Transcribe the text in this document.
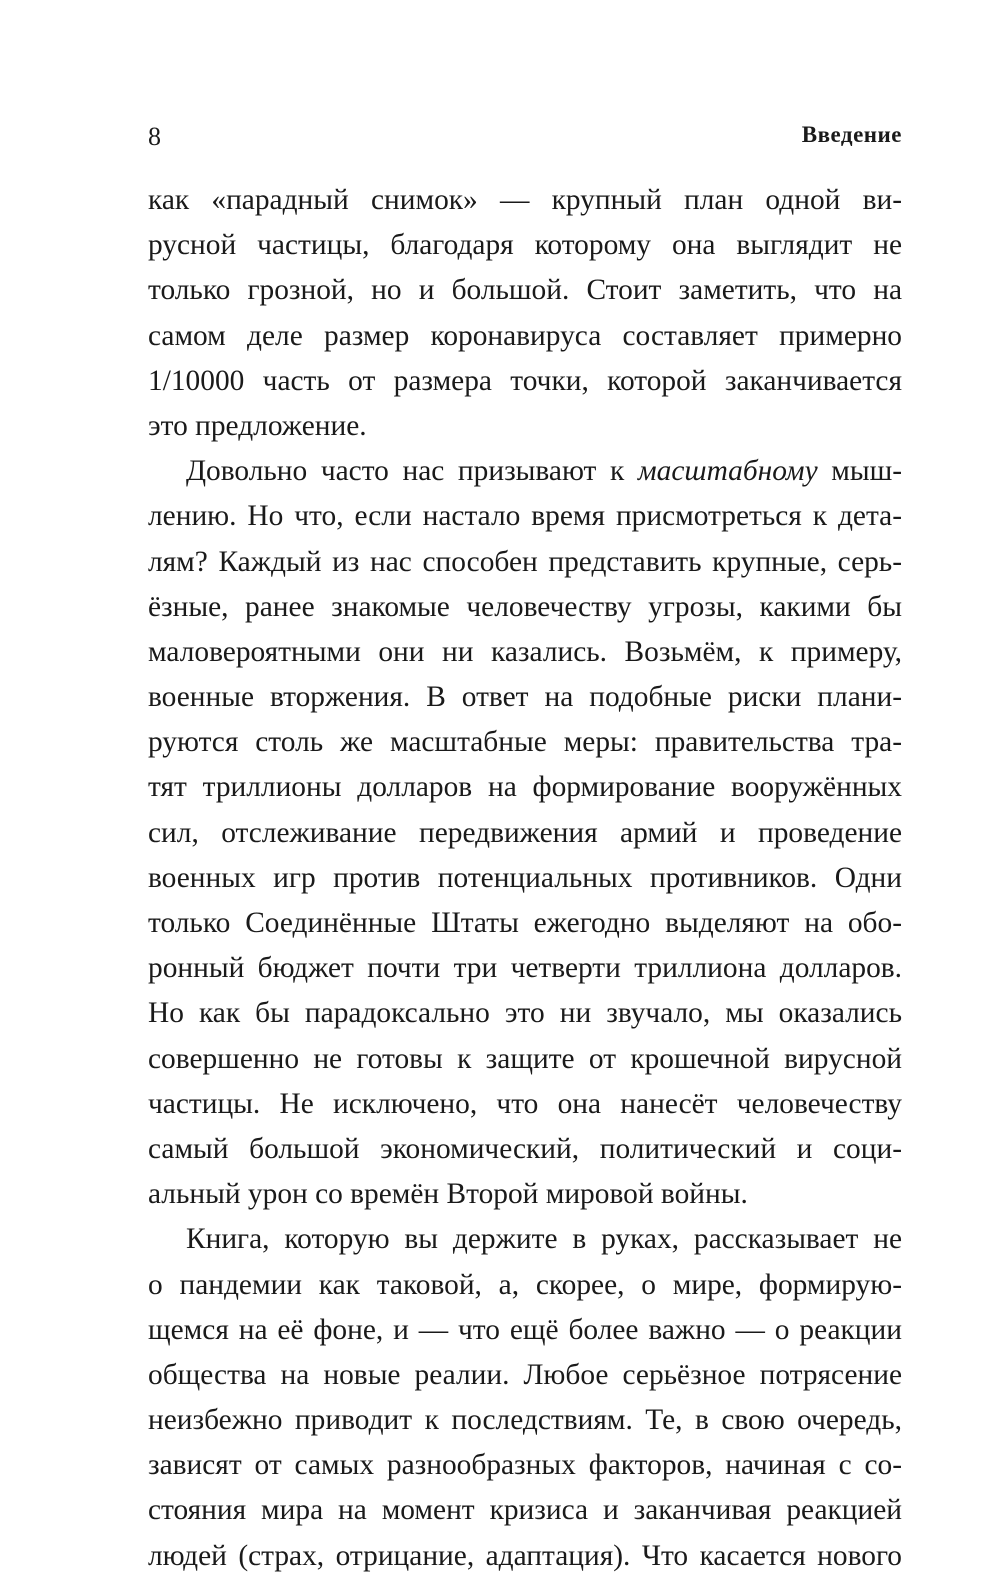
8	Введение
как «парадный снимок» — крупный план одной ви-
русной частицы, благодаря которому она выглядит не
только грозной, но и большой. Стоит заметить, что на
самом деле размер коронавируса составляет примерно
1/10000 часть от размера точки, которой заканчивается
это предложение.
Довольно часто нас призывают к масштабному мыш-
лению. Но что, если настало время присмотреться к дета-
лям? Каждый из нас способен представить крупные, серь-
ёзные, ранее знакомые человечеству угрозы, какими бы
маловероятными они ни казались. Возьмём, к примеру,
военные вторжения. В ответ на подобные риски плани-
руются столь же масштабные меры: правительства тра-
тят триллионы долларов на формирование вооружённых
сил, отслеживание передвижения армий и проведение
военных игр против потенциальных противников. Одни
только Соединённые Штаты ежегодно выделяют на обо-
ронный бюджет почти три четверти триллиона долларов.
Но как бы парадоксально это ни звучало, мы оказались
совершенно не готовы к защите от крошечной вирусной
частицы. Не исключено, что она нанесёт человечеству
самый большой экономический, политический и соци-
альный урон со времён Второй мировой войны.
Книга, которую вы держите в руках, рассказывает не
о пандемии как таковой, а, скорее, о мире, формирую-
щемся на её фоне, и — что ещё более важно — о реакции
общества на новые реалии. Любое серьёзное потрясение
неизбежно приводит к последствиям. Те, в свою очередь,
зависят от самых разнообразных факторов, начиная с со-
стояния мира на момент кризиса и заканчивая реакцией
людей (страх, отрицание, адаптация). Что касается нового
